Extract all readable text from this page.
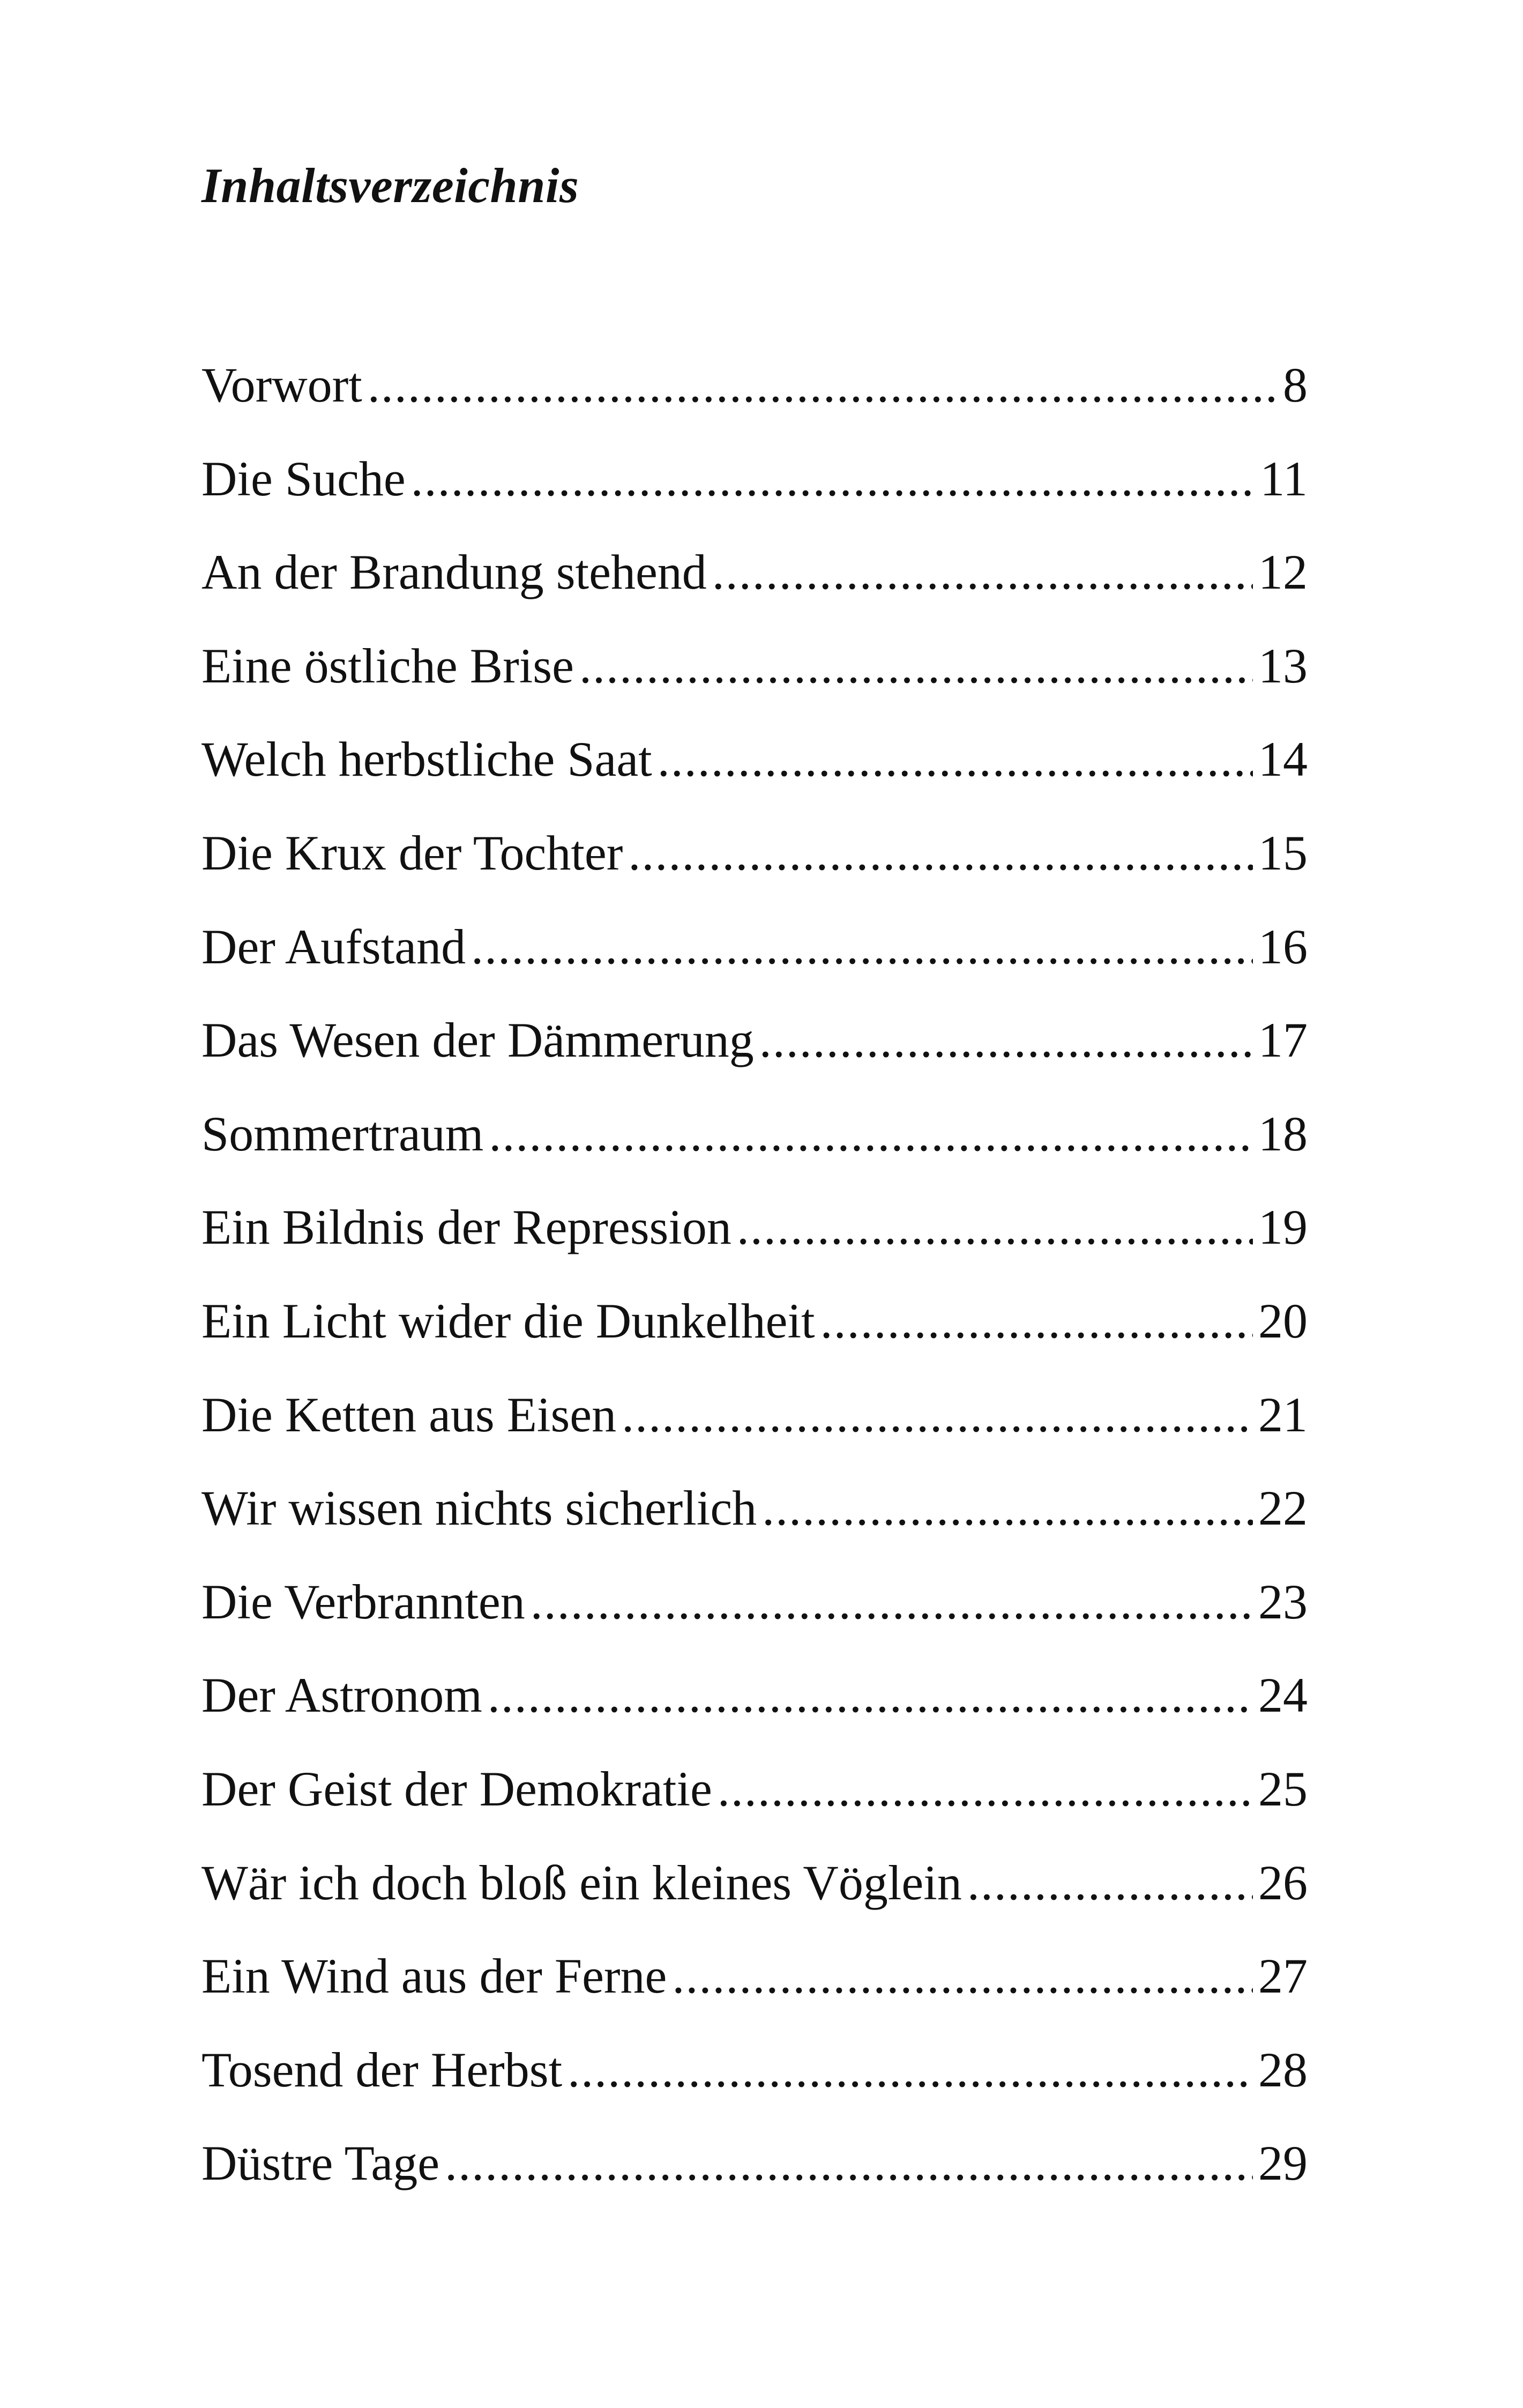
Inhaltsverzeichnis
Vorwort .....	8
Die Suche .....	11
An der Brandung stehend .....	12
Eine östliche Brise .....	13
Welch herbstliche Saat .....	14
Die Krux der Tochter .....	15
Der Aufstand .....	16
Das Wesen der Dämmerung .....	17
Sommertraum .....	18
Ein Bildnis der Repression .....	19
Ein Licht wider die Dunkelheit .....	20
Die Ketten aus Eisen .....	21
Wir wissen nichts sicherlich .....	22
Die Verbrannten .....	23
Der Astronom .....	24
Der Geist der Demokratie .....	25
Wär ich doch bloß ein kleines Vöglein .....	26
Ein Wind aus der Ferne .....	27
Tosend der Herbst .....	28
Düstre Tage .....	29
